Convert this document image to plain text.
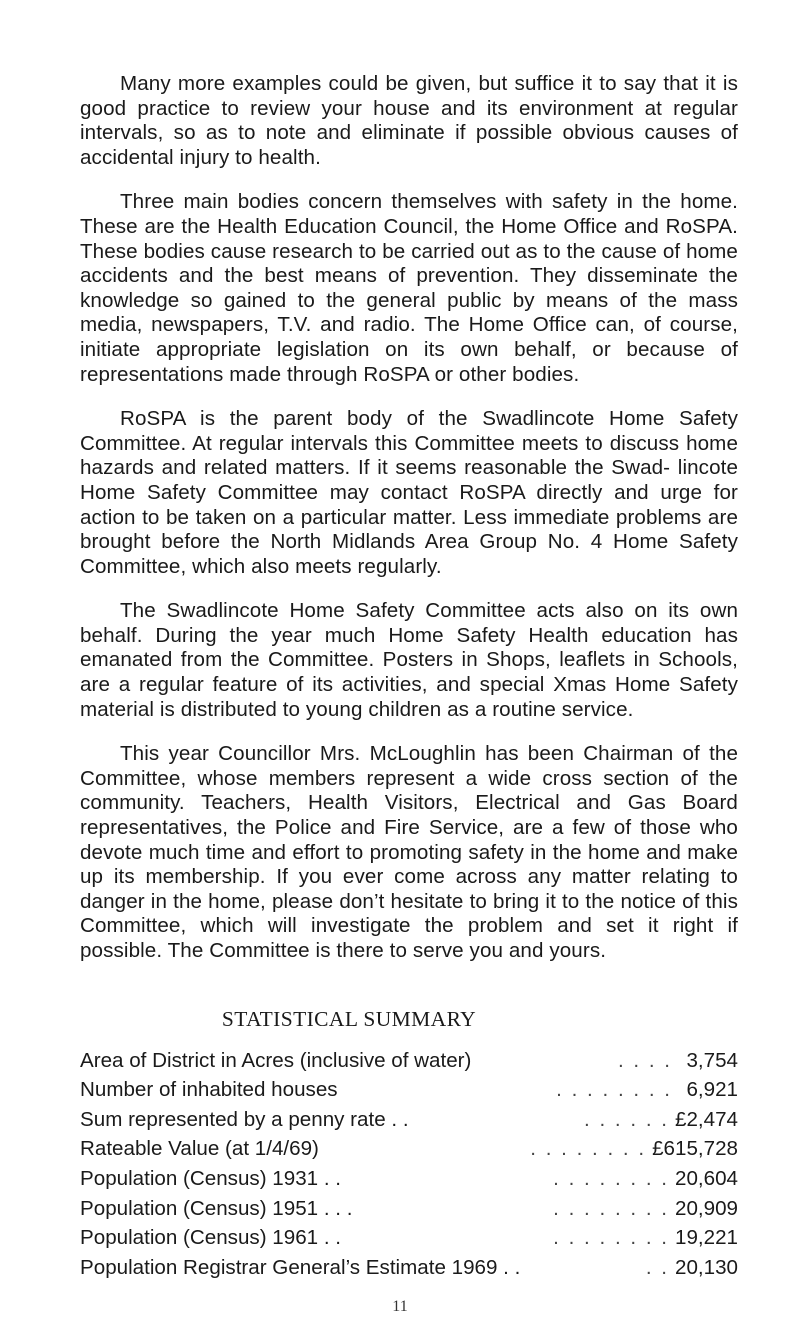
Many more examples could be given, but suffice it to say that it is good practice to review your house and its environment at regular intervals, so as to note and eliminate if possible obvious causes of accidental injury to health.

Three main bodies concern themselves with safety in the home. These are the Health Education Council, the Home Office and RoSPA. These bodies cause research to be carried out as to the cause of home accidents and the best means of prevention. They disseminate the knowledge so gained to the general public by means of the mass media, newspapers, T.V. and radio. The Home Office can, of course, initiate appropriate legislation on its own behalf, or because of representations made through RoSPA or other bodies.

RoSPA is the parent body of the Swadlincote Home Safety Committee. At regular intervals this Committee meets to discuss home hazards and related matters. If it seems reasonable the Swad- lincote Home Safety Committee may contact RoSPA directly and urge for action to be taken on a particular matter. Less immediate problems are brought before the North Midlands Area Group No. 4 Home Safety Committee, which also meets regularly.

The Swadlincote Home Safety Committee acts also on its own behalf. During the year much Home Safety Health education has emanated from the Committee. Posters in Shops, leaflets in Schools, are a regular feature of its activities, and special Xmas Home Safety material is distributed to young children as a routine service.

This year Councillor Mrs. McLoughlin has been Chairman of the Committee, whose members represent a wide cross section of the community. Teachers, Health Visitors, Electrical and Gas Board representatives, the Police and Fire Service, are a few of those who devote much time and effort to promoting safety in the home and make up its membership. If you ever come across any matter relating to danger in the home, please don’t hesitate to bring it to the notice of this Committee, which will investigate the problem and set it right if possible. The Committee is there to serve you and yours.

STATISTICAL SUMMARY
Area of District in Acres (inclusive of water)	. . . . 3,754
Number of inhabited houses	. . . . . . . . 6,921
Sum represented by a penny rate . .	. . . . . . £2,474
Rateable Value (at 1/4/69)	. . . . . . . . £615,728
Population (Census) 1931 . .	. . . . . . . . 20,604
Population (Census) 1951 . . .	. . . . . . . . 20,909
Population (Census) 1961 . .	. . . . . . . . 19,221
Population Registrar General’s Estimate 1969 . .	. . 20,130
11
